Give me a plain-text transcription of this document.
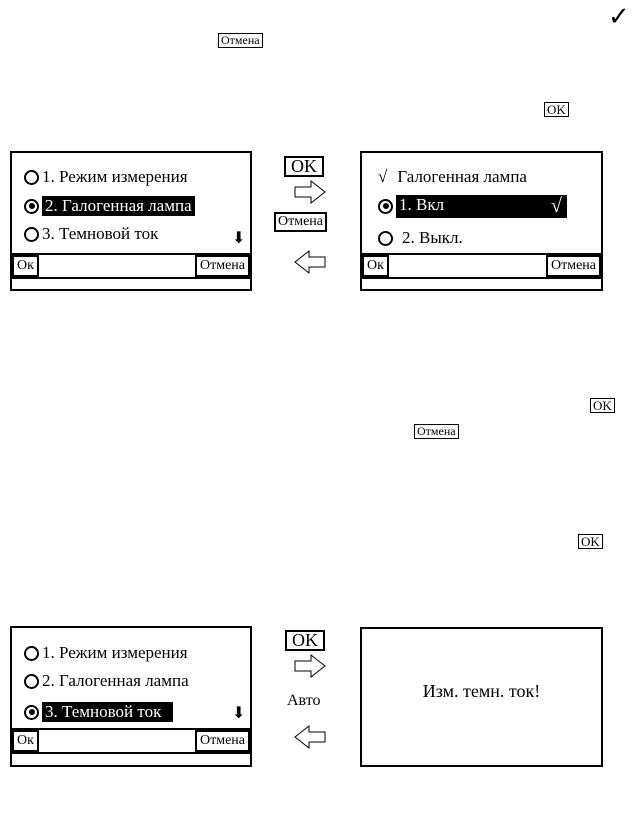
✓
Отмена
OK
OK
Отмена
OK
1. Режим измерения
2. Галогенная лампа
3. Темновой ток	⬇
Ок	Отмена
OK
Отмена
√ Галогенная лампа
1. Вкл	√
2. Выкл.
Ок	Отмена
1. Режим измерения
2. Галогенная лампа
3. Темновой ток	⬇
Ок	Отмена
OK
Авто	Изм. темн. ток!
